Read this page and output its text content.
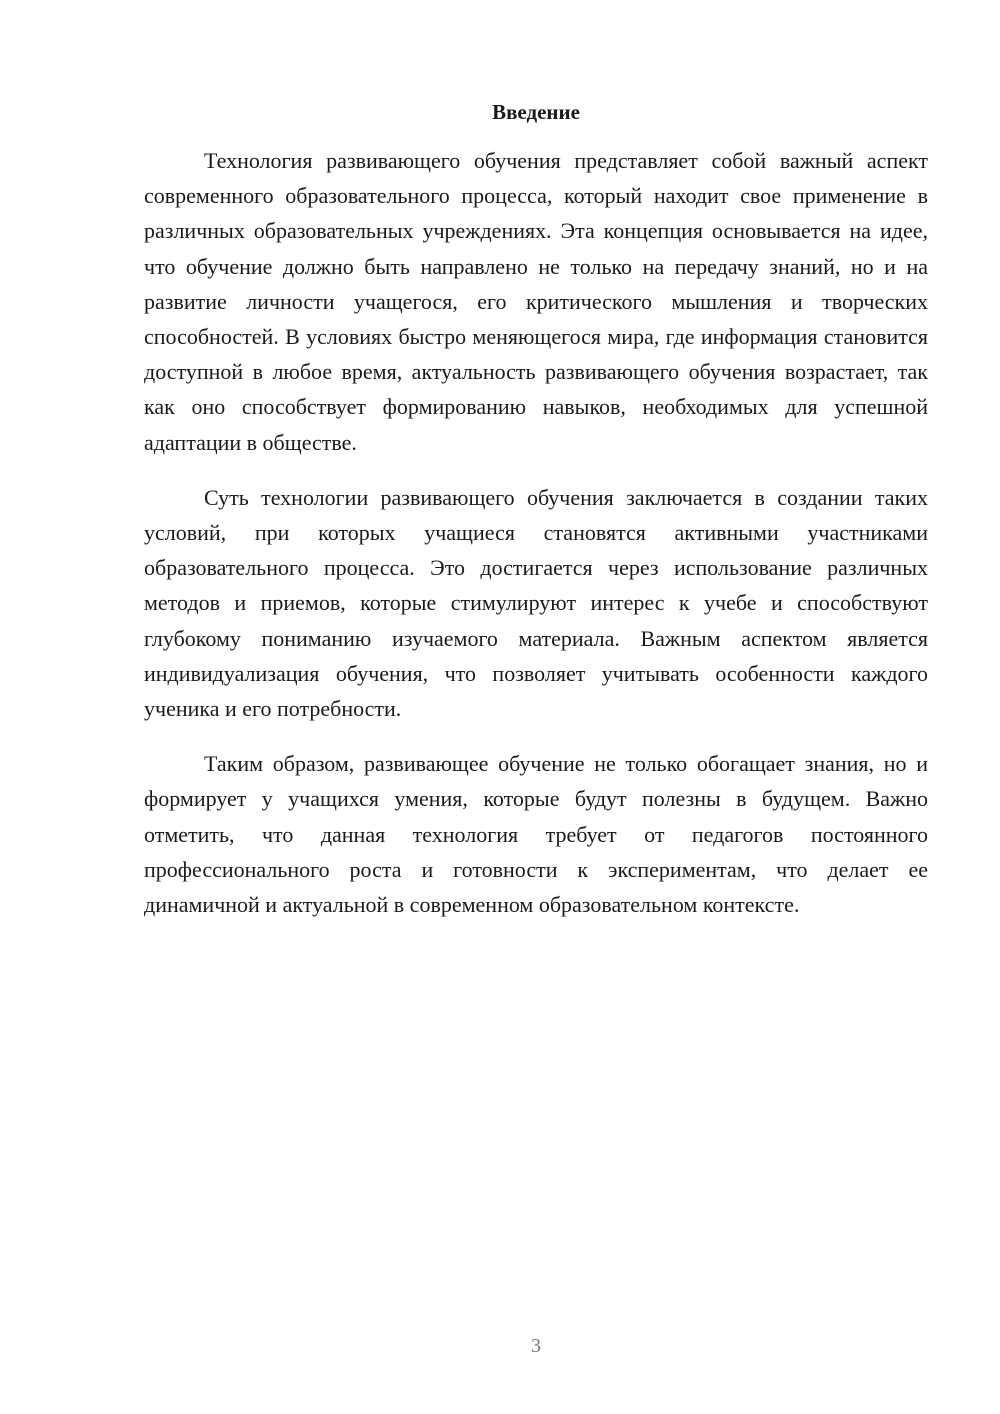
Введение

Технология развивающего обучения представляет собой важный аспект современного образовательного процесса, который находит свое применение в различных образовательных учреждениях. Эта концепция основывается на идее, что обучение должно быть направлено не только на передачу знаний, но и на развитие личности учащегося, его критического мышления и творческих способностей. В условиях быстро меняющегося мира, где информация становится доступной в любое время, актуальность развивающего обучения возрастает, так как оно способствует формированию навыков, необходимых для успешной адаптации в обществе.

Суть технологии развивающего обучения заключается в создании таких условий, при которых учащиеся становятся активными участниками образовательного процесса. Это достигается через использование различных методов и приемов, которые стимулируют интерес к учебе и способствуют глубокому пониманию изучаемого материала. Важным аспектом является индивидуализация обучения, что позволяет учитывать особенности каждого ученика и его потребности.

Таким образом, развивающее обучение не только обогащает знания, но и формирует у учащихся умения, которые будут полезны в будущем. Важно отметить, что данная технология требует от педагогов постоянного профессионального роста и готовности к экспериментам, что делает ее динамичной и актуальной в современном образовательном контексте.

3
